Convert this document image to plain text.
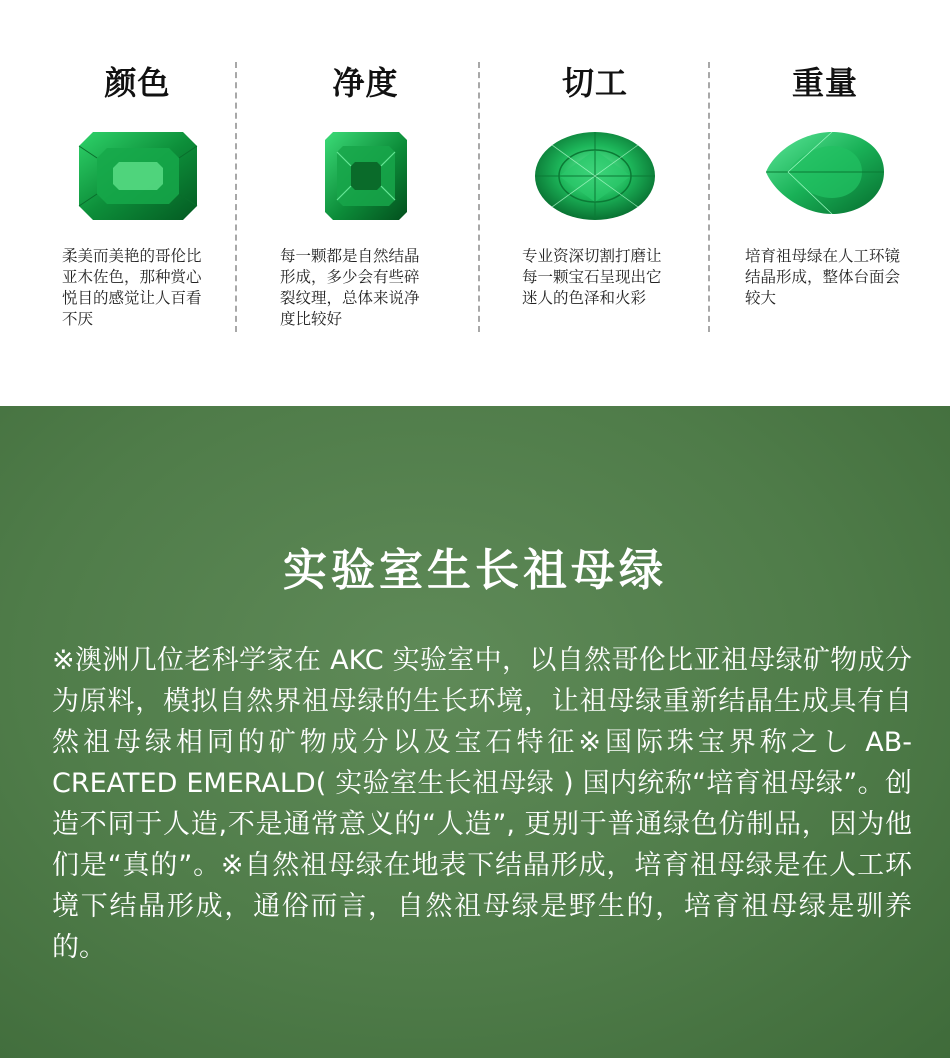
颜色
柔美而美艳的哥伦比亚木佐色，那种赏心悦目的感觉让人百看不厌
净度
每一颗都是自然结晶形成，多少会有些碎裂纹理，总体来说净度比较好
切工
专业资深切割打磨让每一颗宝石呈现出它迷人的色泽和火彩
重量
培育祖母绿在人工环镜结晶形成，整体台面会较大
实验室生长祖母绿
※澳洲几位老科学家在 AKC 实验室中，以自然哥伦比亚祖母绿矿物成分为原料，模拟自然界祖母绿的生长环境，让祖母绿重新结晶生成具有自然祖母绿相同的矿物成分以及宝石特征※国际珠宝界称之し AB- CREATED EMERALD( 实验室生长祖母绿 ) 国内统称“培育祖母绿”。创造不同于人造,不是通常意义的“人造”, 更别于普通绿色仿制品，因为他们是“真的”。※自然祖母绿在地表下结晶形成，培育祖母绿是在人工环境下结晶形成，通俗而言，自然祖母绿是野生的，培育祖母绿是驯养的。
